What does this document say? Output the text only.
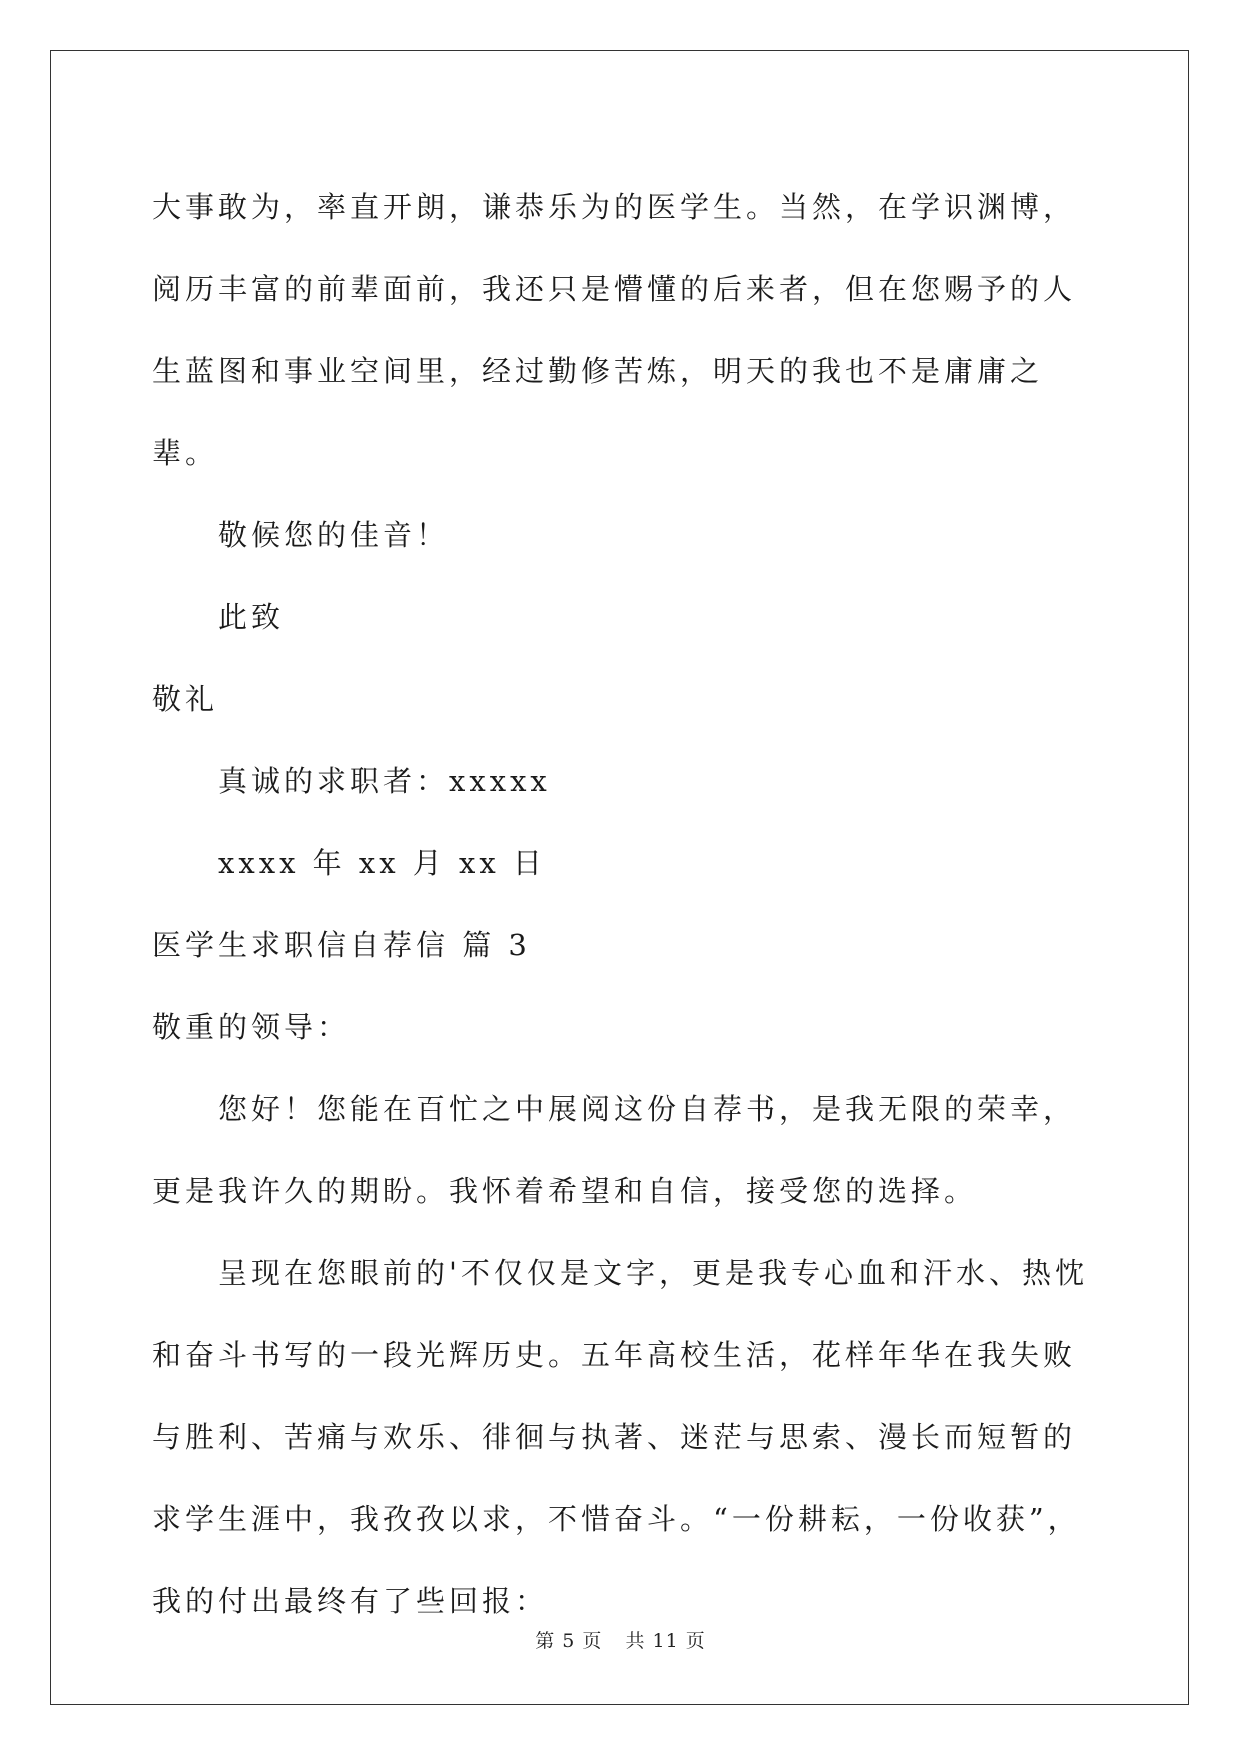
大事敢为，率直开朗，谦恭乐为的医学生。当然，在学识渊博，阅历丰富的前辈面前，我还只是懵懂的后来者，但在您赐予的人生蓝图和事业空间里，经过勤修苦炼，明天的我也不是庸庸之辈。

敬候您的佳音！

此致

敬礼

真诚的求职者：xxxxx

xxxx 年 xx 月 xx 日

医学生求职信自荐信 篇 3

敬重的领导：

您好！您能在百忙之中展阅这份自荐书，是我无限的荣幸，更是我许久的期盼。我怀着希望和自信，接受您的选择。

呈现在您眼前的'不仅仅是文字，更是我专心血和汗水、热忱和奋斗书写的一段光辉历史。五年高校生活，花样年华在我失败与胜利、苦痛与欢乐、徘徊与执著、迷茫与思索、漫长而短暂的求学生涯中，我孜孜以求，不惜奋斗。“一份耕耘，一份收获”，我的付出最终有了些回报：

第 5 页 共 11 页
